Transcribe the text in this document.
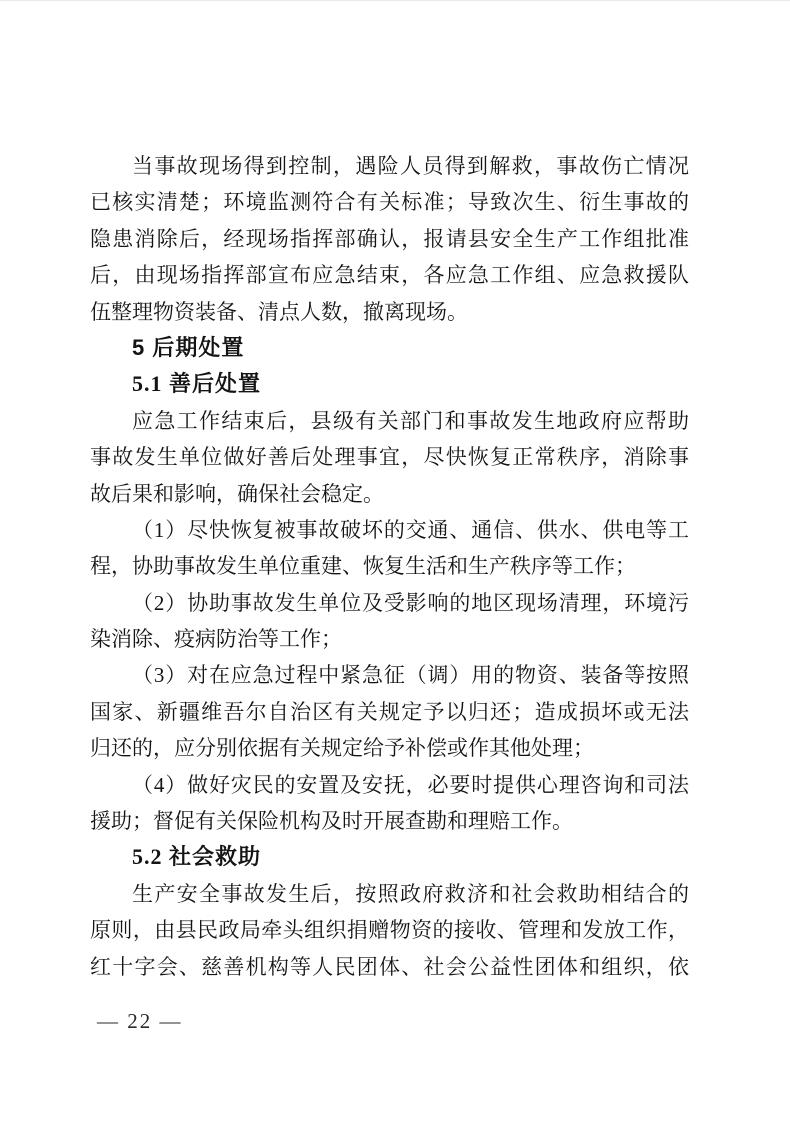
当事故现场得到控制，遇险人员得到解救，事故伤亡情况
已核实清楚；环境监测符合有关标准；导致次生、衍生事故的
隐患消除后，经现场指挥部确认，报请县安全生产工作组批准
后，由现场指挥部宣布应急结束，各应急工作组、应急救援队
伍整理物资装备、清点人数，撤离现场。
5 后期处置
5.1 善后处置
应急工作结束后，县级有关部门和事故发生地政府应帮助
事故发生单位做好善后处理事宜，尽快恢复正常秩序，消除事
故后果和影响，确保社会稳定。
（1）尽快恢复被事故破坏的交通、通信、供水、供电等工
程，协助事故发生单位重建、恢复生活和生产秩序等工作；
（2）协助事故发生单位及受影响的地区现场清理，环境污
染消除、疫病防治等工作；
（3）对在应急过程中紧急征（调）用的物资、装备等按照
国家、新疆维吾尔自治区有关规定予以归还；造成损坏或无法
归还的，应分别依据有关规定给予补偿或作其他处理；
（4）做好灾民的安置及安抚，必要时提供心理咨询和司法
援助；督促有关保险机构及时开展查勘和理赔工作。
5.2 社会救助
生产安全事故发生后，按照政府救济和社会救助相结合的
原则，由县民政局牵头组织捐赠物资的接收、管理和发放工作，
红十字会、慈善机构等人民团体、社会公益性团体和组织，依
— 22 —
